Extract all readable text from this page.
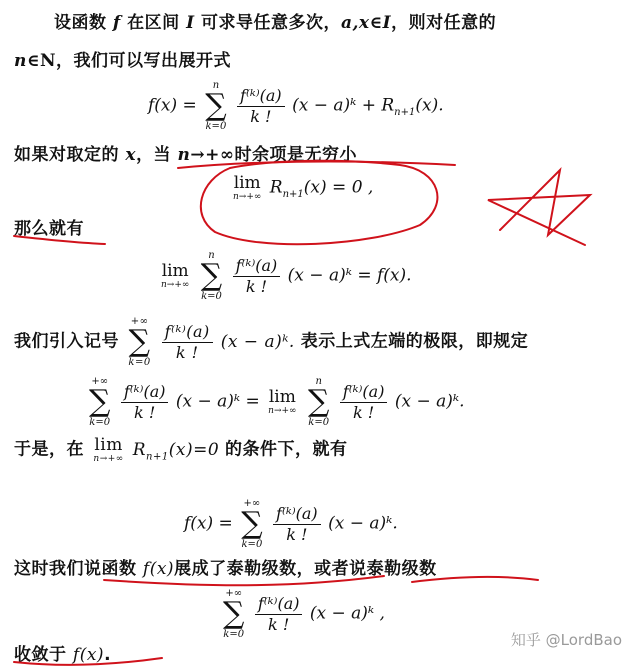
设函数 f 在区间 I 可求导任意多次，a,x∈I，则对任意的
n∈N，我们可以写出展开式
f(x) =
n
∑
k=0
$\frac{\text{f⁽ᵏ⁾(a)}}{k !} (x$ − a)ᵏ + $R_{n+1}(x)$.
如果对取定的 x，当 n→+∞时余项是无穷小
lim
n→+∞ $R_{n+1}(x) = 0$ ,
那么就有
lim
n→+∞

n
∑
k=0
$\frac{\text{f⁽ᵏ⁾(a)}}{k !} (x$ − a)ᵏ = f(x).
我们引入记号
+∞
∑
k=0
$\frac{\text{f⁽ᵏ⁾(a)}}{k !} (x$ − a)ᵏ. 表示上式左端的极限，即规定
+∞
∑
k=0
$\frac{\text{f⁽ᵏ⁾(a)}}{k !} (x$ − a)ᵏ = lim
n→+∞

n
∑
k=0
$\frac{\text{f⁽ᵏ⁾(a)}}{k !} (x$ − a)ᵏ.
于是，在 lim
n→+∞ $R_{n+1}(x)=0$ 的条件下，就有
f(x) =
+∞
∑
k=0
$\frac{\text{f⁽ᵏ⁾(a)}}{k !} (x$ − a)ᵏ.
这时我们说函数 f(x)展成了泰勒级数，或者说泰勒级数
+∞
∑
k=0
$\frac{\text{f⁽ᵏ⁾(a)}}{k !} (x$ − a)ᵏ ,
收敛于 f(x).
知乎 @LordBao
